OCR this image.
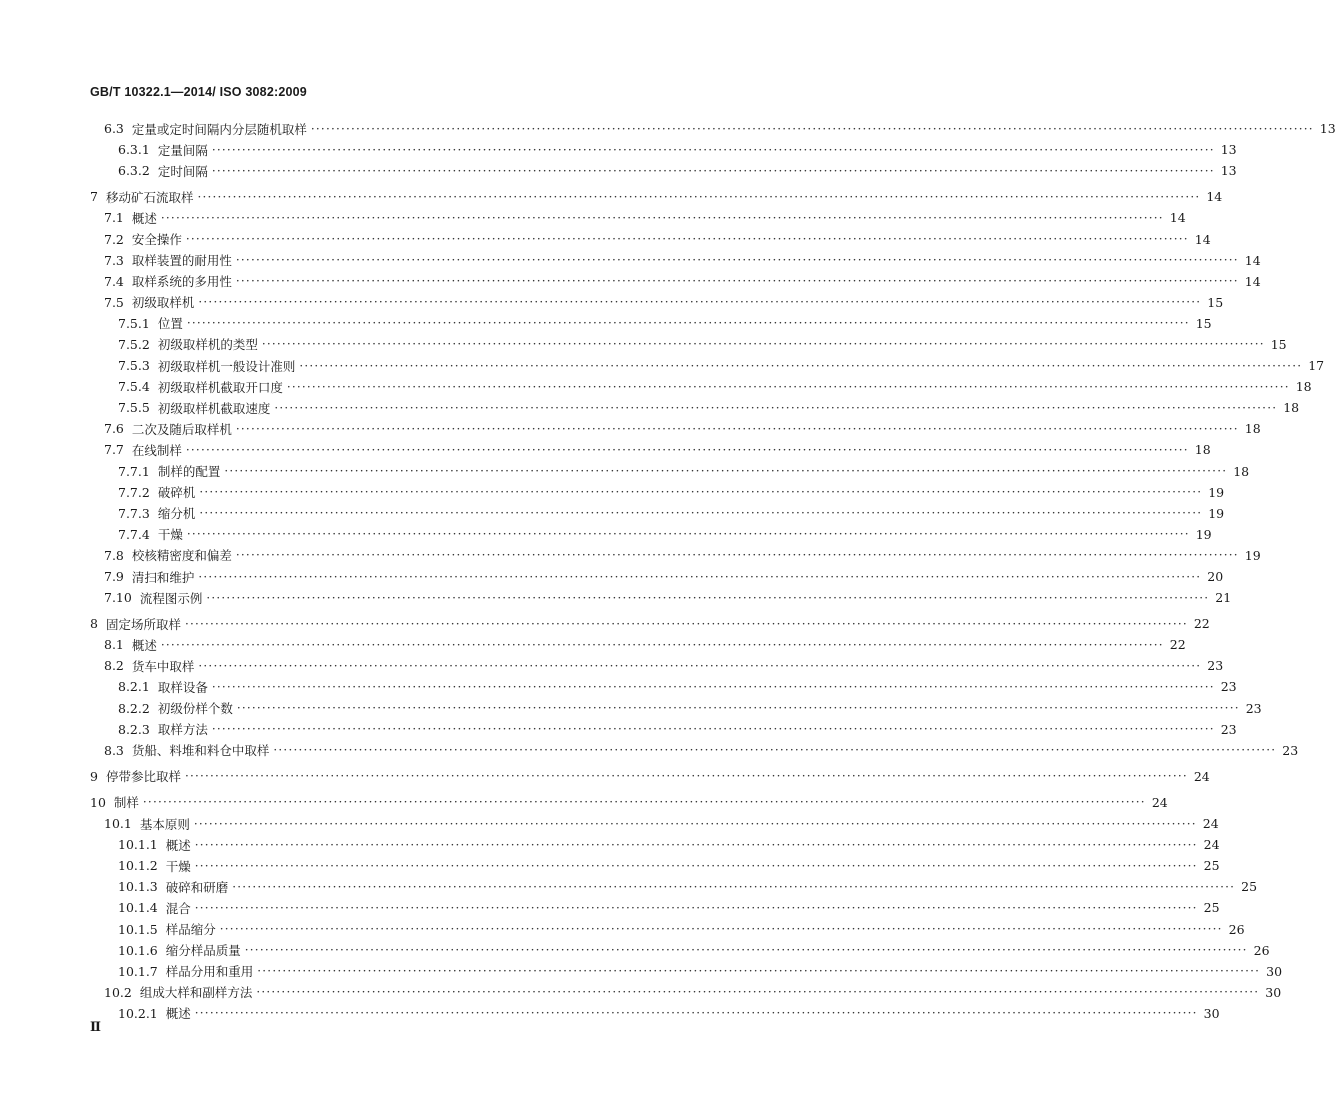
GB/T 10322.1—2014/ ISO 3082:2009
6.3 定量或定时间隔内分层随机取样 ········································································································································································································ 13
6.3.1 定量间隔 ········································································································································································································ 13
6.3.2 定时间隔 ········································································································································································································ 13
7 移动矿石流取样 ········································································································································································································ 14
7.1 概述 ········································································································································································································ 14
7.2 安全操作 ········································································································································································································ 14
7.3 取样装置的耐用性 ········································································································································································································ 14
7.4 取样系统的多用性 ········································································································································································································ 14
7.5 初级取样机 ········································································································································································································ 15
7.5.1 位置 ········································································································································································································ 15
7.5.2 初级取样机的类型 ········································································································································································································ 15
7.5.3 初级取样机一般设计准则 ········································································································································································································ 17
7.5.4 初级取样机截取开口度 ········································································································································································································ 18
7.5.5 初级取样机截取速度 ········································································································································································································ 18
7.6 二次及随后取样机 ········································································································································································································ 18
7.7 在线制样 ········································································································································································································ 18
7.7.1 制样的配置 ········································································································································································································ 18
7.7.2 破碎机 ········································································································································································································ 19
7.7.3 缩分机 ········································································································································································································ 19
7.7.4 干燥 ········································································································································································································ 19
7.8 校核精密度和偏差 ········································································································································································································ 19
7.9 清扫和维护 ········································································································································································································ 20
7.10 流程图示例 ········································································································································································································ 21
8 固定场所取样 ········································································································································································································ 22
8.1 概述 ········································································································································································································ 22
8.2 货车中取样 ········································································································································································································ 23
8.2.1 取样设备 ········································································································································································································ 23
8.2.2 初级份样个数 ········································································································································································································ 23
8.2.3 取样方法 ········································································································································································································ 23
8.3 货船、料堆和料仓中取样 ········································································································································································································ 23
9 停带参比取样 ········································································································································································································ 24
10 制样 ········································································································································································································ 24
10.1 基本原则 ········································································································································································································ 24
10.1.1 概述 ········································································································································································································ 24
10.1.2 干燥 ········································································································································································································ 25
10.1.3 破碎和研磨 ········································································································································································································ 25
10.1.4 混合 ········································································································································································································ 25
10.1.5 样品缩分 ········································································································································································································ 26
10.1.6 缩分样品质量 ········································································································································································································ 26
10.1.7 样品分用和重用 ········································································································································································································ 30
10.2 组成大样和副样方法 ········································································································································································································ 30
10.2.1 概述 ········································································································································································································ 30
Ⅱ
